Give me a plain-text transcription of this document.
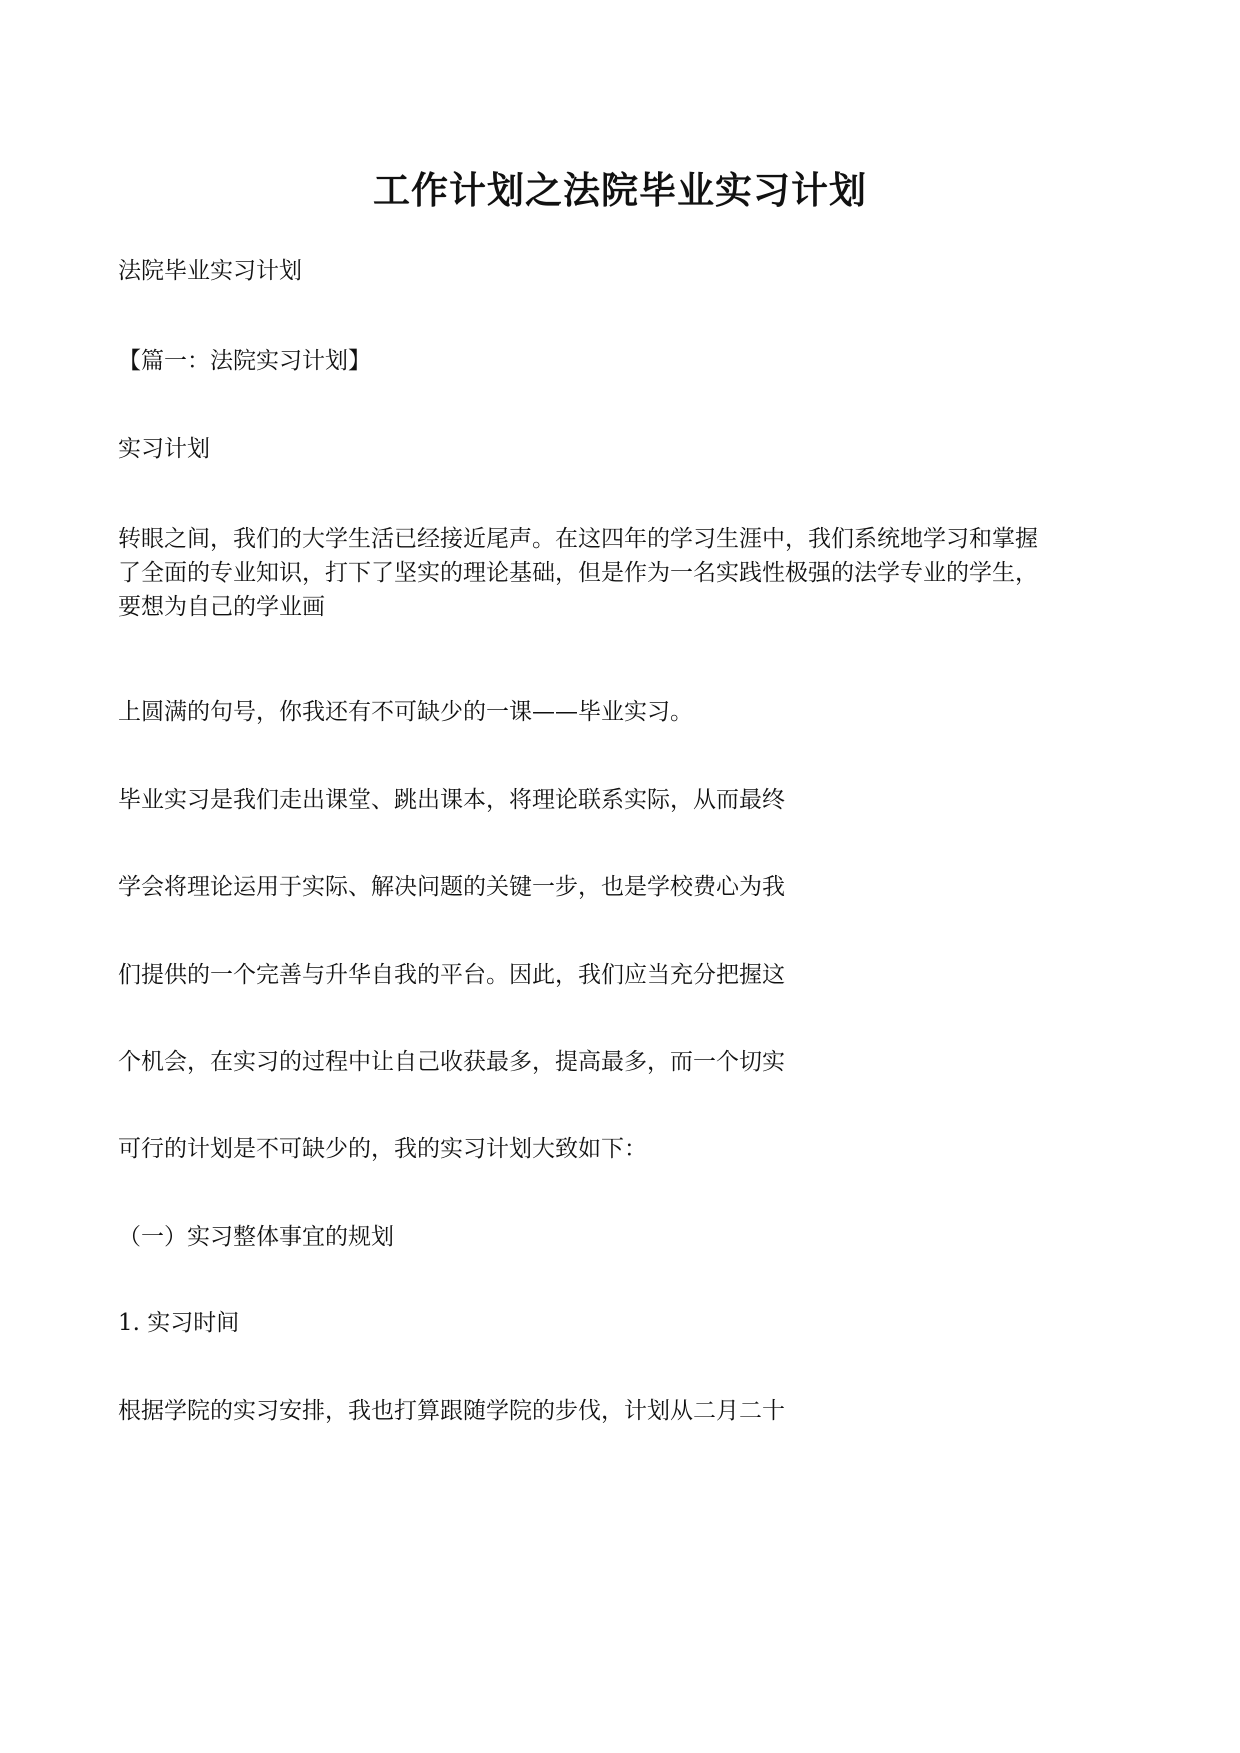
工作计划之法院毕业实习计划

法院毕业实习计划

【篇一：法院实习计划】

实习计划

转眼之间，我们的大学生活已经接近尾声。在这四年的学习生涯中，我们系统地学习和掌握
了全面的专业知识，打下了坚实的理论基础，但是作为一名实践性极强的法学专业的学生，
要想为自己的学业画

上圆满的句号，你我还有不可缺少的一课——毕业实习。

毕业实习是我们走出课堂、跳出课本，将理论联系实际，从而最终

学会将理论运用于实际、解决问题的关键一步，也是学校费心为我

们提供的一个完善与升华自我的平台。因此，我们应当充分把握这

个机会，在实习的过程中让自己收获最多，提高最多，而一个切实

可行的计划是不可缺少的，我的实习计划大致如下：

（一）实习整体事宜的规划

1. 实习时间

根据学院的实习安排，我也打算跟随学院的步伐，计划从二月二十
